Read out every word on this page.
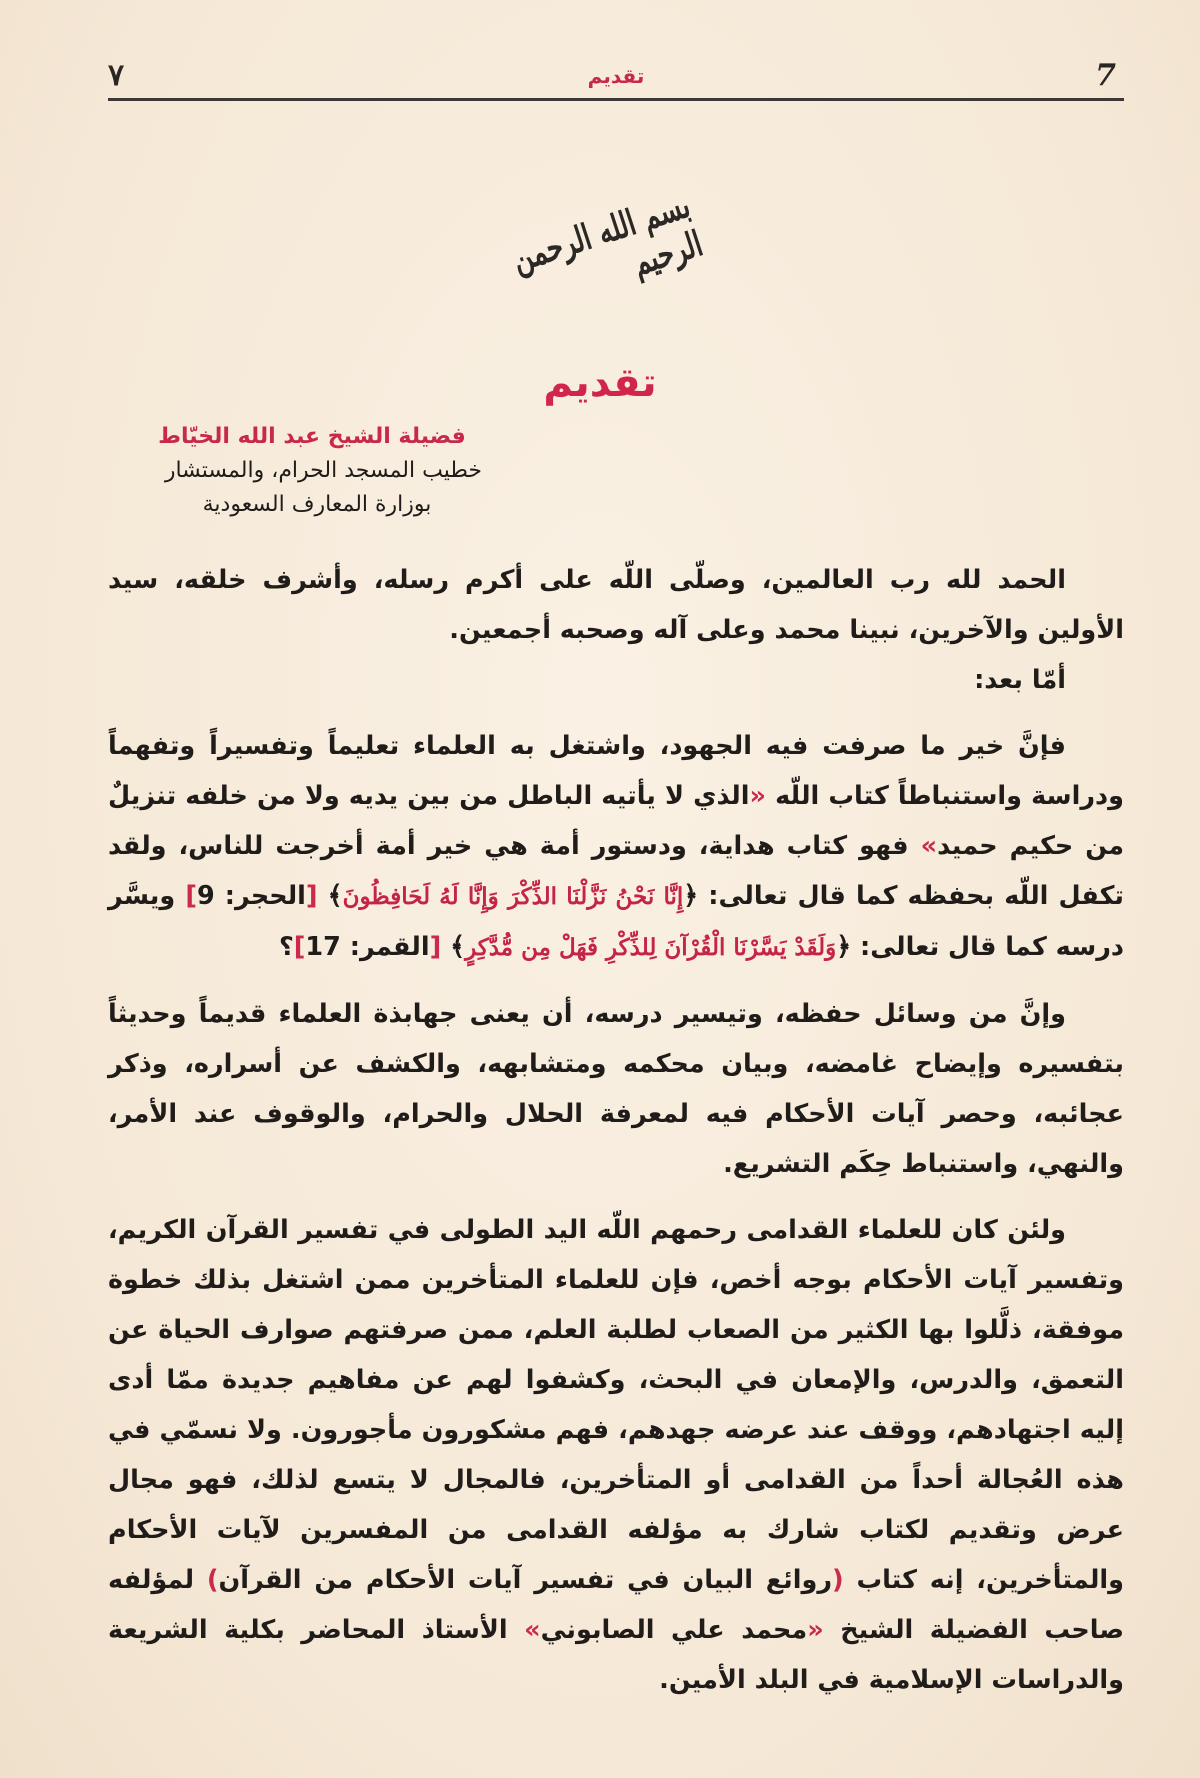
7
تقديم
٧
بسم الله الرحمن الرحيم
تقديم
فضيلة الشيخ عبد الله الخيّاط
خطيب المسجد الحرام، والمستشار
بوزارة المعارف السعودية

الحمد لله رب العالمين، وصلّى اللّه على أكرم رسله، وأشرف خلقه، سيد الأولين والآخرين، نبينا محمد وعلى آله وصحبه أجمعين.

أمّا بعد:

فإنَّ خير ما صرفت فيه الجهود، واشتغل به العلماء تعليماً وتفسيراً وتفهماً ودراسة واستنباطاً كتاب اللّه «الذي لا يأتيه الباطل من بين يديه ولا من خلفه تنزيلٌ من حكيم حميد» فهو كتاب هداية، ودستور أمة هي خير أمة أخرجت للناس، ولقد تكفل اللّه بحفظه كما قال تعالى: ﴿إِنَّا نَحْنُ نَزَّلْنَا الذِّكْرَ وَإِنَّا لَهُ لَحَافِظُونَ﴾ [الحجر: 9] ويسَّر درسه كما قال تعالى: ﴿وَلَقَدْ يَسَّرْنَا الْقُرْآنَ لِلذِّكْرِ فَهَلْ مِن مُّدَّكِرٍ﴾ [القمر: 17]؟

وإنَّ من وسائل حفظه، وتيسير درسه، أن يعنى جهابذة العلماء قديماً وحديثاً بتفسيره وإيضاح غامضه، وبيان محكمه ومتشابهه، والكشف عن أسراره، وذكر عجائبه، وحصر آيات الأحكام فيه لمعرفة الحلال والحرام، والوقوف عند الأمر، والنهي، واستنباط حِكَم التشريع.

ولئن كان للعلماء القدامى رحمهم اللّه اليد الطولى في تفسير القرآن الكريم، وتفسير آيات الأحكام بوجه أخص، فإن للعلماء المتأخرين ممن اشتغل بذلك خطوة موفقة، ذلَّلوا بها الكثير من الصعاب لطلبة العلم، ممن صرفتهم صوارف الحياة عن التعمق، والدرس، والإمعان في البحث، وكشفوا لهم عن مفاهيم جديدة ممّا أدى إليه اجتهادهم، ووقف عند عرضه جهدهم، فهم مشكورون مأجورون. ولا نسمّي في هذه العُجالة أحداً من القدامى أو المتأخرين، فالمجال لا يتسع لذلك، فهو مجال عرض وتقديم لكتاب شارك به مؤلفه القدامى من المفسرين لآيات الأحكام والمتأخرين، إنه كتاب (روائع البيان في تفسير آيات الأحكام من القرآن) لمؤلفه صاحب الفضيلة الشيخ «محمد علي الصابوني» الأستاذ المحاضر بكلية الشريعة والدراسات الإسلامية في البلد الأمين.
